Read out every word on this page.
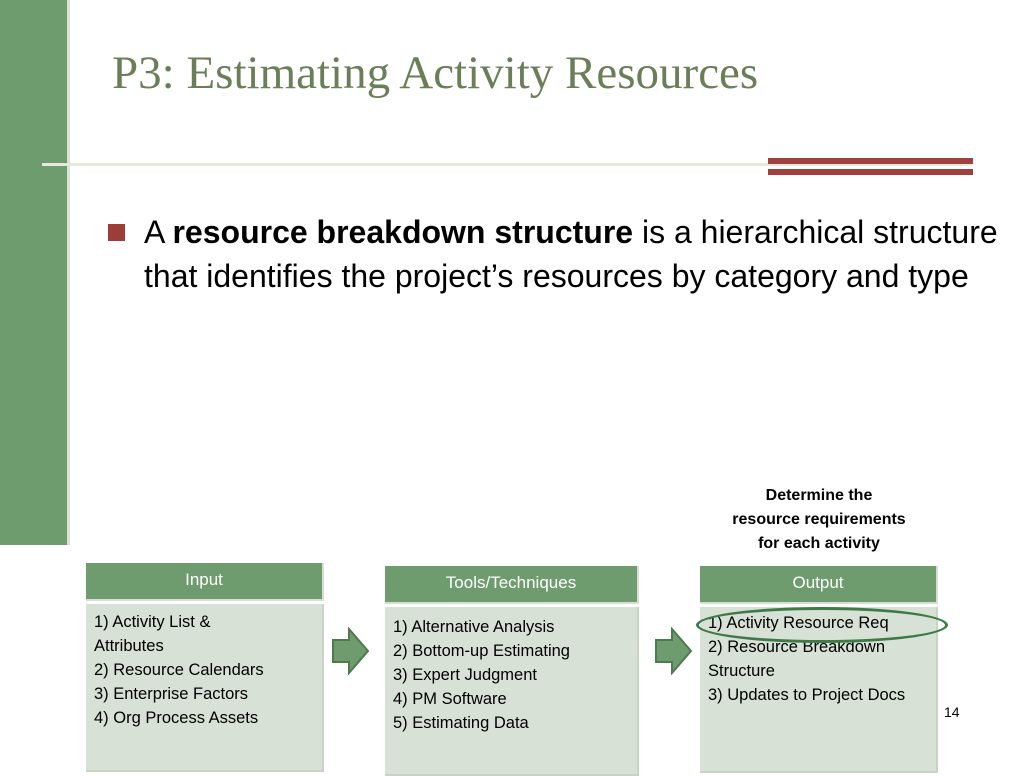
P3: Estimating Activity Resources
A resource breakdown structure is a hierarchical structure that identifies the project’s resources by category and type
Determine the
resource requirements
for each activity
Input
1) Activity List &
Attributes
2) Resource Calendars
3) Enterprise Factors
4) Org Process Assets
Tools/Techniques
1) Alternative Analysis
2) Bottom-up Estimating
3) Expert Judgment
4) PM Software
5) Estimating Data
Output
1) Activity Resource Req
2) Resource Breakdown Structure
3) Updates to Project Docs
14
